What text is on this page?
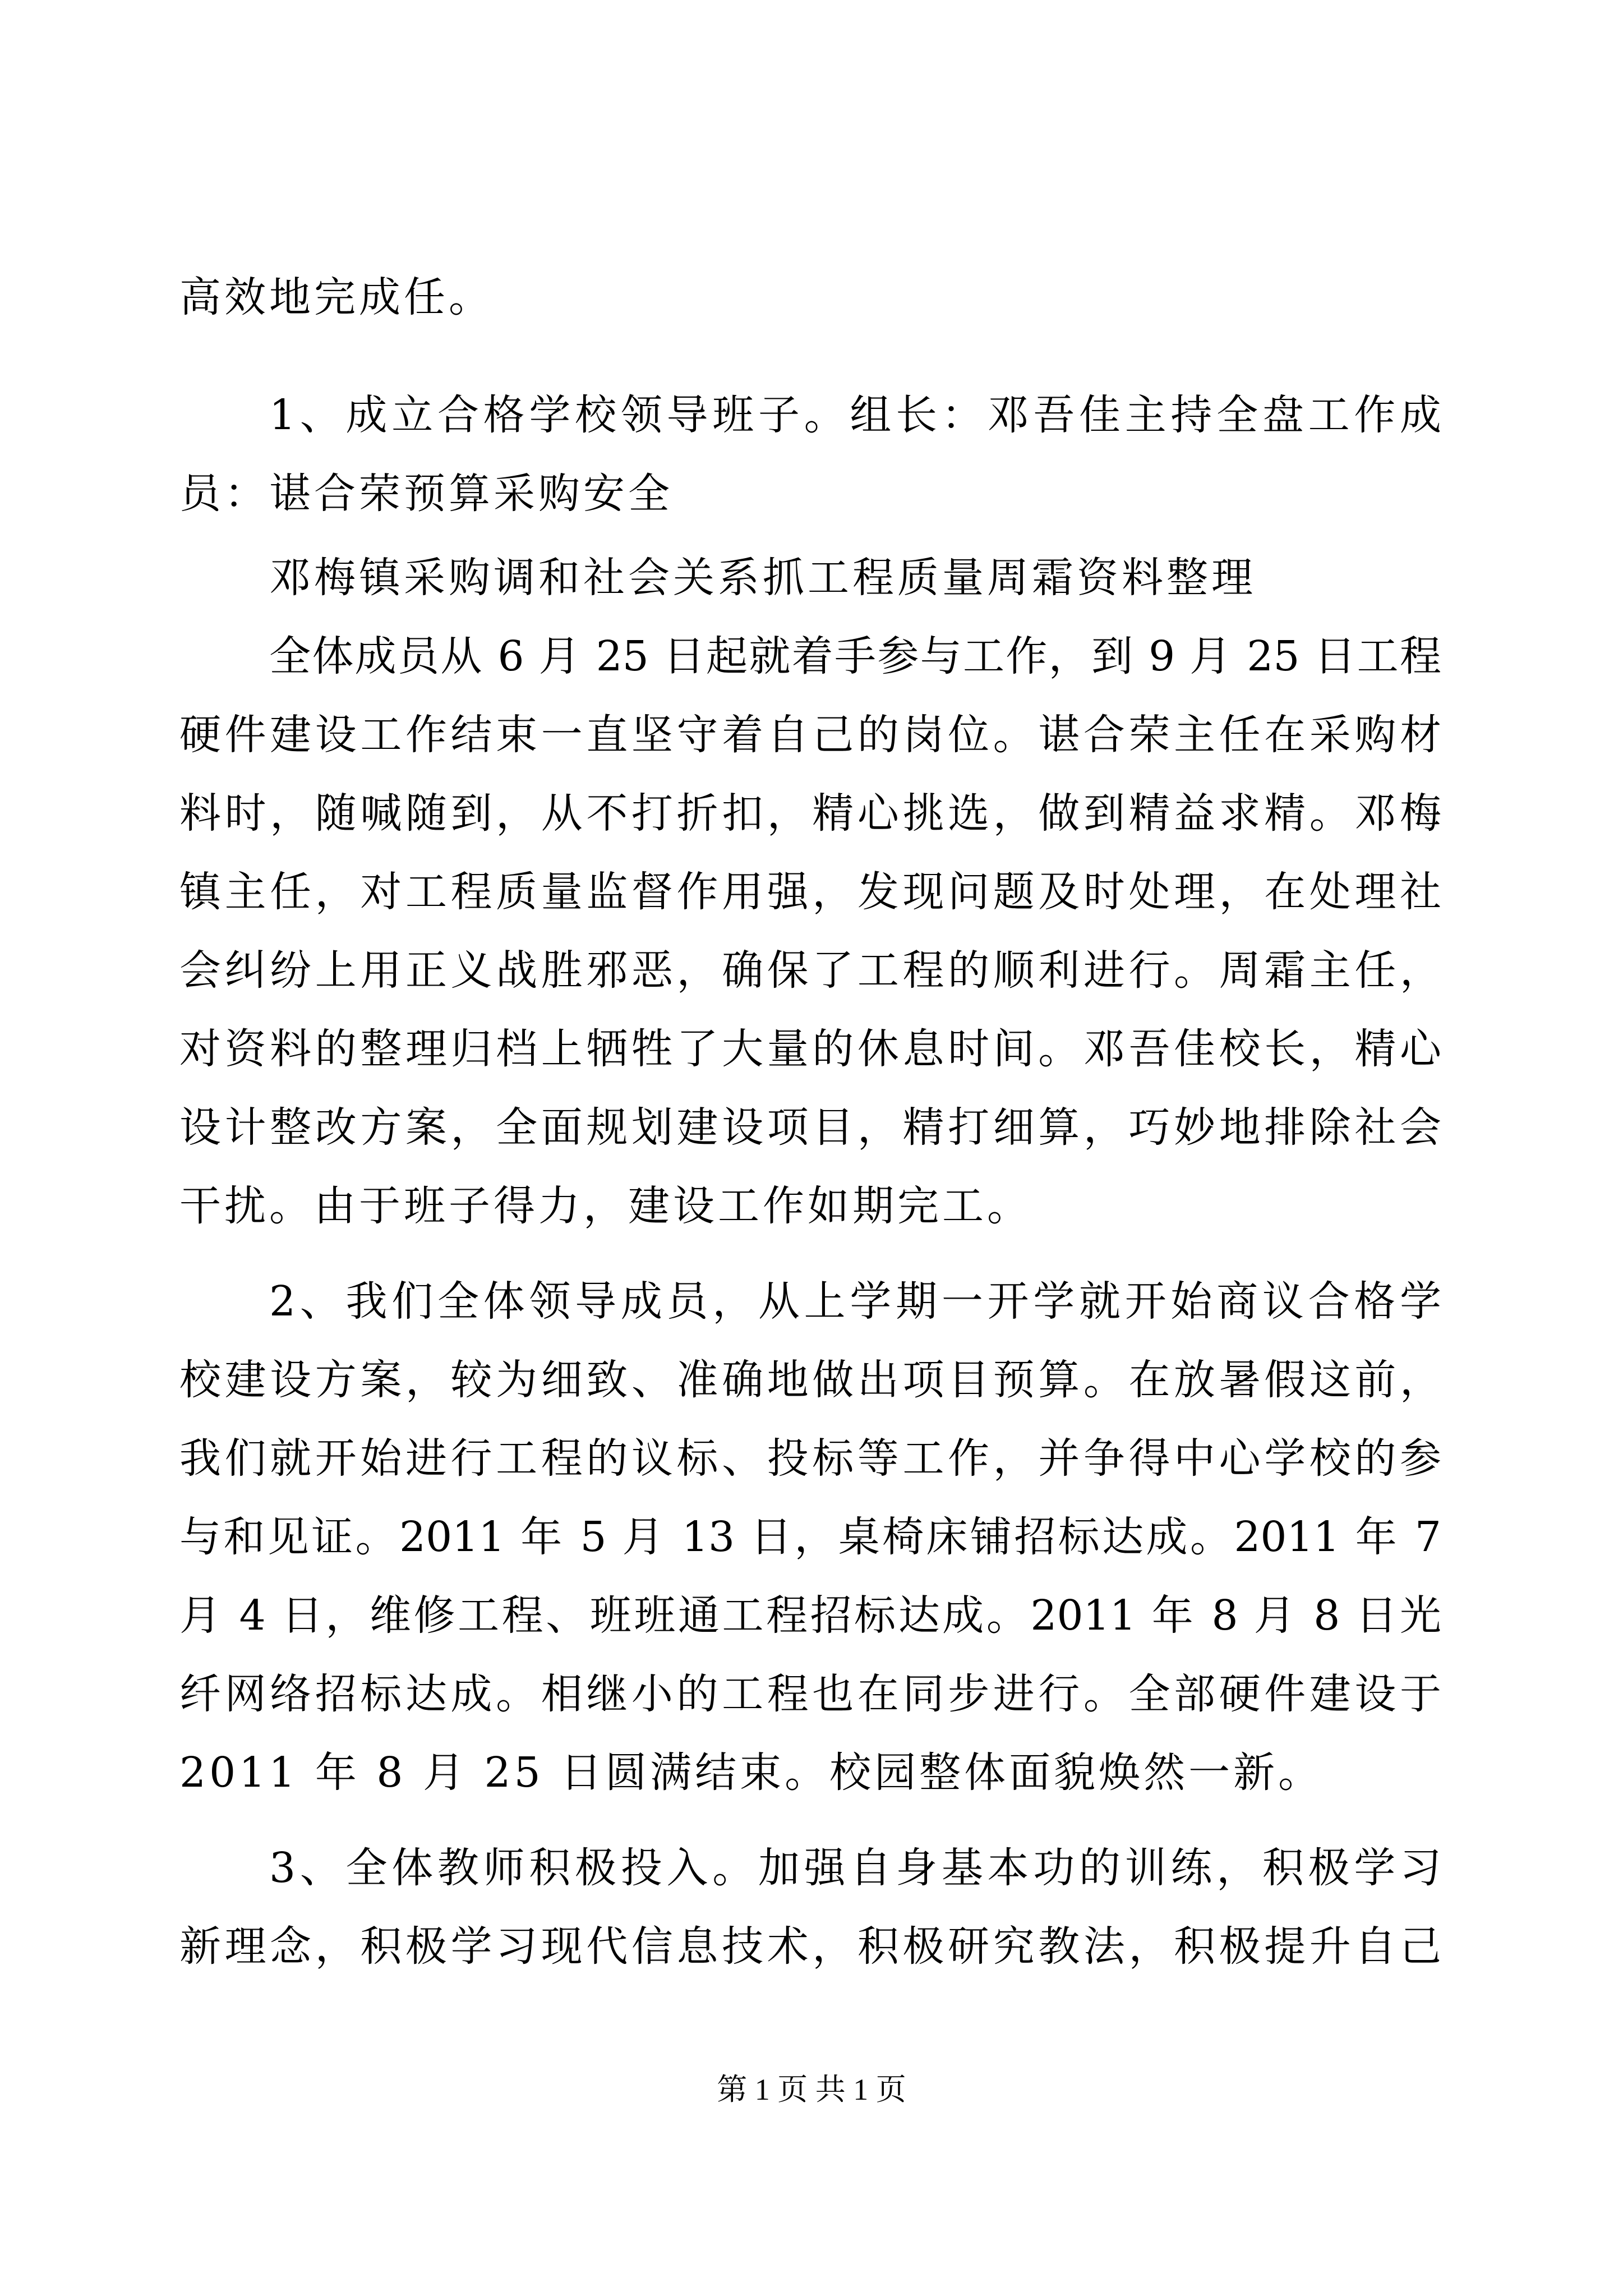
高效地完成任。
1、成立合格学校领导班子。组长：邓吾佳主持全盘工作成
员：谌合荣预算采购安全
邓梅镇采购调和社会关系抓工程质量周霜资料整理
全体成员从 6 月 25 日起就着手参与工作，到 9 月 25 日工程
硬件建设工作结束一直坚守着自己的岗位。谌合荣主任在采购材
料时，随喊随到，从不打折扣，精心挑选，做到精益求精。邓梅
镇主任，对工程质量监督作用强，发现问题及时处理，在处理社
会纠纷上用正义战胜邪恶，确保了工程的顺利进行。周霜主任，
对资料的整理归档上牺牲了大量的休息时间。邓吾佳校长，精心
设计整改方案，全面规划建设项目，精打细算，巧妙地排除社会
干扰。由于班子得力，建设工作如期完工。
2、我们全体领导成员，从上学期一开学就开始商议合格学
校建设方案，较为细致、准确地做出项目预算。在放暑假这前，
我们就开始进行工程的议标、投标等工作，并争得中心学校的参
与和见证。2011 年 5 月 13 日，桌椅床铺招标达成。2011 年 7
月 4 日，维修工程、班班通工程招标达成。2011 年 8 月 8 日光
纤网络招标达成。相继小的工程也在同步进行。全部硬件建设于
2011 年 8 月 25 日圆满结束。校园整体面貌焕然一新。
3、全体教师积极投入。加强自身基本功的训练，积极学习
新理念，积极学习现代信息技术，积极研究教法，积极提升自己
第 1 页 共 1 页
